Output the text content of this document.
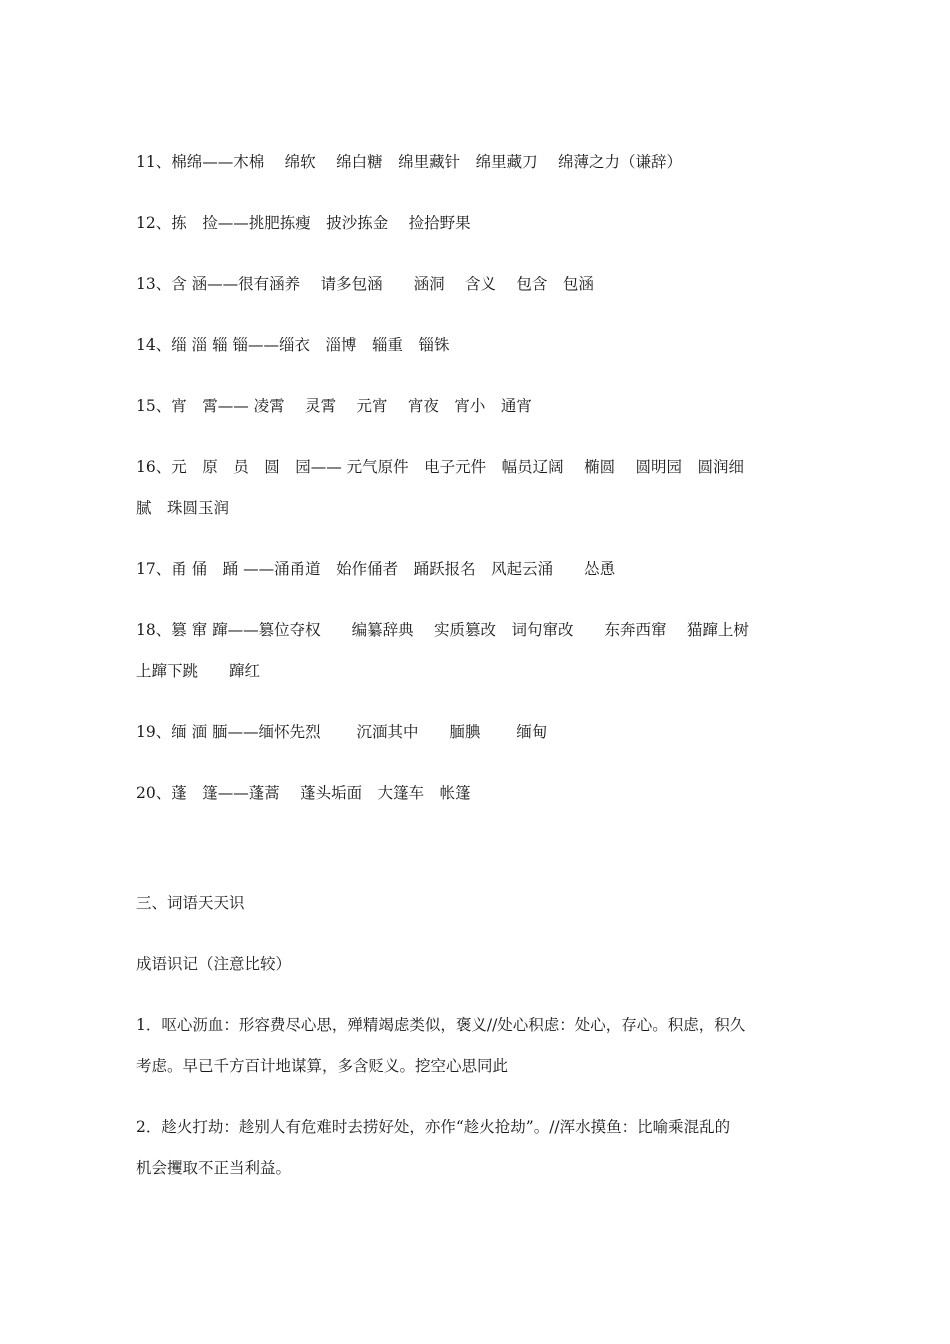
11、棉绵——木棉　 绵软　 绵白糖　绵里藏针　绵里藏刀　 绵薄之力（谦辞）
12、拣　捡——挑肥拣瘦　披沙拣金　 捡拾野果
13、含 涵——很有涵养　 请多包涵　　涵洞　 含义　 包含　包涵
14、缁 淄 辎 锱——缁衣　淄博　辎重　锱铢
15、宵　霄—— 凌霄　 灵霄　 元宵　 宵夜　宵小　通宵
16、元　原　员　圆　园—— 元气原件　电子元件　幅员辽阔　 椭圆　 圆明园　圆润细
腻　珠圆玉润
17、甬 俑　踊 ——涌甬道　始作俑者　踊跃报名　风起云涌　　怂恿
18、篡 窜 蹿——篡位夺权　　编纂辞典　 实质篡改　词句窜改　　东奔西窜　 猫蹿上树
上蹿下跳　　蹿红
19、缅 湎 腼——缅怀先烈　　 沉湎其中　　腼腆　　 缅甸
20、蓬　篷——蓬蒿　 蓬头垢面　大篷车　帐篷
三、词语天天识
成语识记（注意比较）
1．呕心沥血：形容费尽心思，殚精竭虑类似，褒义//处心积虑：处心，存心。积虑，积久
考虑。早已千方百计地谋算，多含贬义。挖空心思同此
2．趁火打劫：趁别人有危难时去捞好处，亦作“趁火抢劫”。//浑水摸鱼：比喻乘混乱的
机会攫取不正当利益。
